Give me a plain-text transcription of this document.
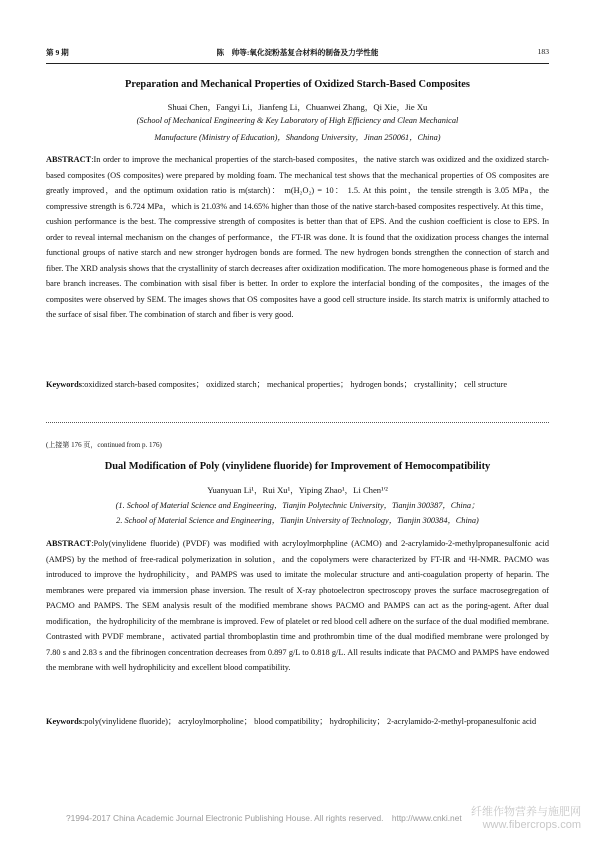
第 9 期	陈　帅等:氧化淀粉基复合材料的制备及力学性能	183
Preparation and Mechanical Properties of Oxidized Starch-Based Composites
Shuai Chen，Fangyi Li，Jianfeng Li，Chuanwei Zhang，Qi Xie，Jie Xu
(School of Mechanical Engineering & Key Laboratory of High Efficiency and Clean Mechanical
Manufacture (Ministry of Education)，Shandong University，Jinan 250061，China)
ABSTRACT:In order to improve the mechanical properties of the starch-based composites，the native starch was oxidized and the oxidized starch-based composites (OS composites) were prepared by molding foam. The mechanical test shows that the mechanical properties of OS composites are greatly improved，and the optimum oxidation ratio is m(starch)： m(H₂O₂) = 10： 1.5. At this point，the tensile strength is 3.05 MPa，the compressive strength is 6.724 MPa，which is 21.03% and 14.65% higher than those of the native starch-based composites respectively. At this time，cushion performance is the best. The compressive strength of composites is better than that of EPS. And the cushion coefficient is close to EPS. In order to reveal internal mechanism on the changes of performance，the FT-IR was done. It is found that the oxidization process changes the internal functional groups of native starch and new stronger hydrogen bonds are formed. The new hydrogen bonds strengthen the connection of starch and fiber. The XRD analysis shows that the crystallinity of starch decreases after oxidization modification. The more homogeneous phase is formed and the bare branch increases. The combination with sisal fiber is better. In order to explore the interfacial bonding of the composites，the images of the composites were observed by SEM. The images shows that OS composites have a good cell structure inside. Its starch matrix is uniformly attached to the surface of sisal fiber. The combination of starch and fiber is very good.
Keywords:oxidized starch-based composites； oxidized starch； mechanical properties； hydrogen bonds； crystallinity； cell structure
(上接第 176 页，continued from p. 176)
Dual Modification of Poly (vinylidene fluoride) for Improvement of Hemocompatibility
Yuanyuan Li¹，Rui Xu¹，Yiping Zhao¹，Li Chen¹'²
(1. School of Material Science and Engineering，Tianjin Polytechnic University，Tianjin 300387，China；
2. School of Material Science and Engineering，Tianjin University of Technology，Tianjin 300384，China)
ABSTRACT:Poly(vinylidene fluoride) (PVDF) was modified with acryloylmorphpline (ACMO) and 2-acrylamido-2-methylpropanesulfonic acid (AMPS) by the method of free-radical polymerization in solution，and the copolymers were characterized by FT-IR and ¹H-NMR. PACMO was introduced to improve the hydrophilicity，and PAMPS was used to imitate the molecular structure and anti-coagulation property of heparin. The membranes were prepared via immersion phase inversion. The result of X-ray photoelectron spectroscopy proves the surface macrosegregation of PACMO and PAMPS. The SEM analysis result of the modified membrane shows PACMO and PAMPS can act as the poring-agent. After dual modification，the hydrophilicity of the membrane is improved. Few of platelet or red blood cell adhere on the surface of the dual modified membrane. Contrasted with PVDF membrane，activated partial thromboplastin time and prothrombin time of the dual modified membrane were prolonged by 7.80 s and 2.83 s and the fibrinogen concentration decreases from 0.897 g/L to 0.818 g/L. All results indicate that PACMO and PAMPS have endowed the membrane with well hydrophilicity and excellent blood compatibility.
Keywords:poly(vinylidene fluoride)； acryloylmorpholine； blood compatibility； hydrophilicity； 2-acrylamido-2-methyl-propanesulfonic acid
?1994-2017 China Academic Journal Electronic Publishing House. All rights reserved.　http://www.cnki.net 纤维作物营养与施肥网
www.fibercrops.com
